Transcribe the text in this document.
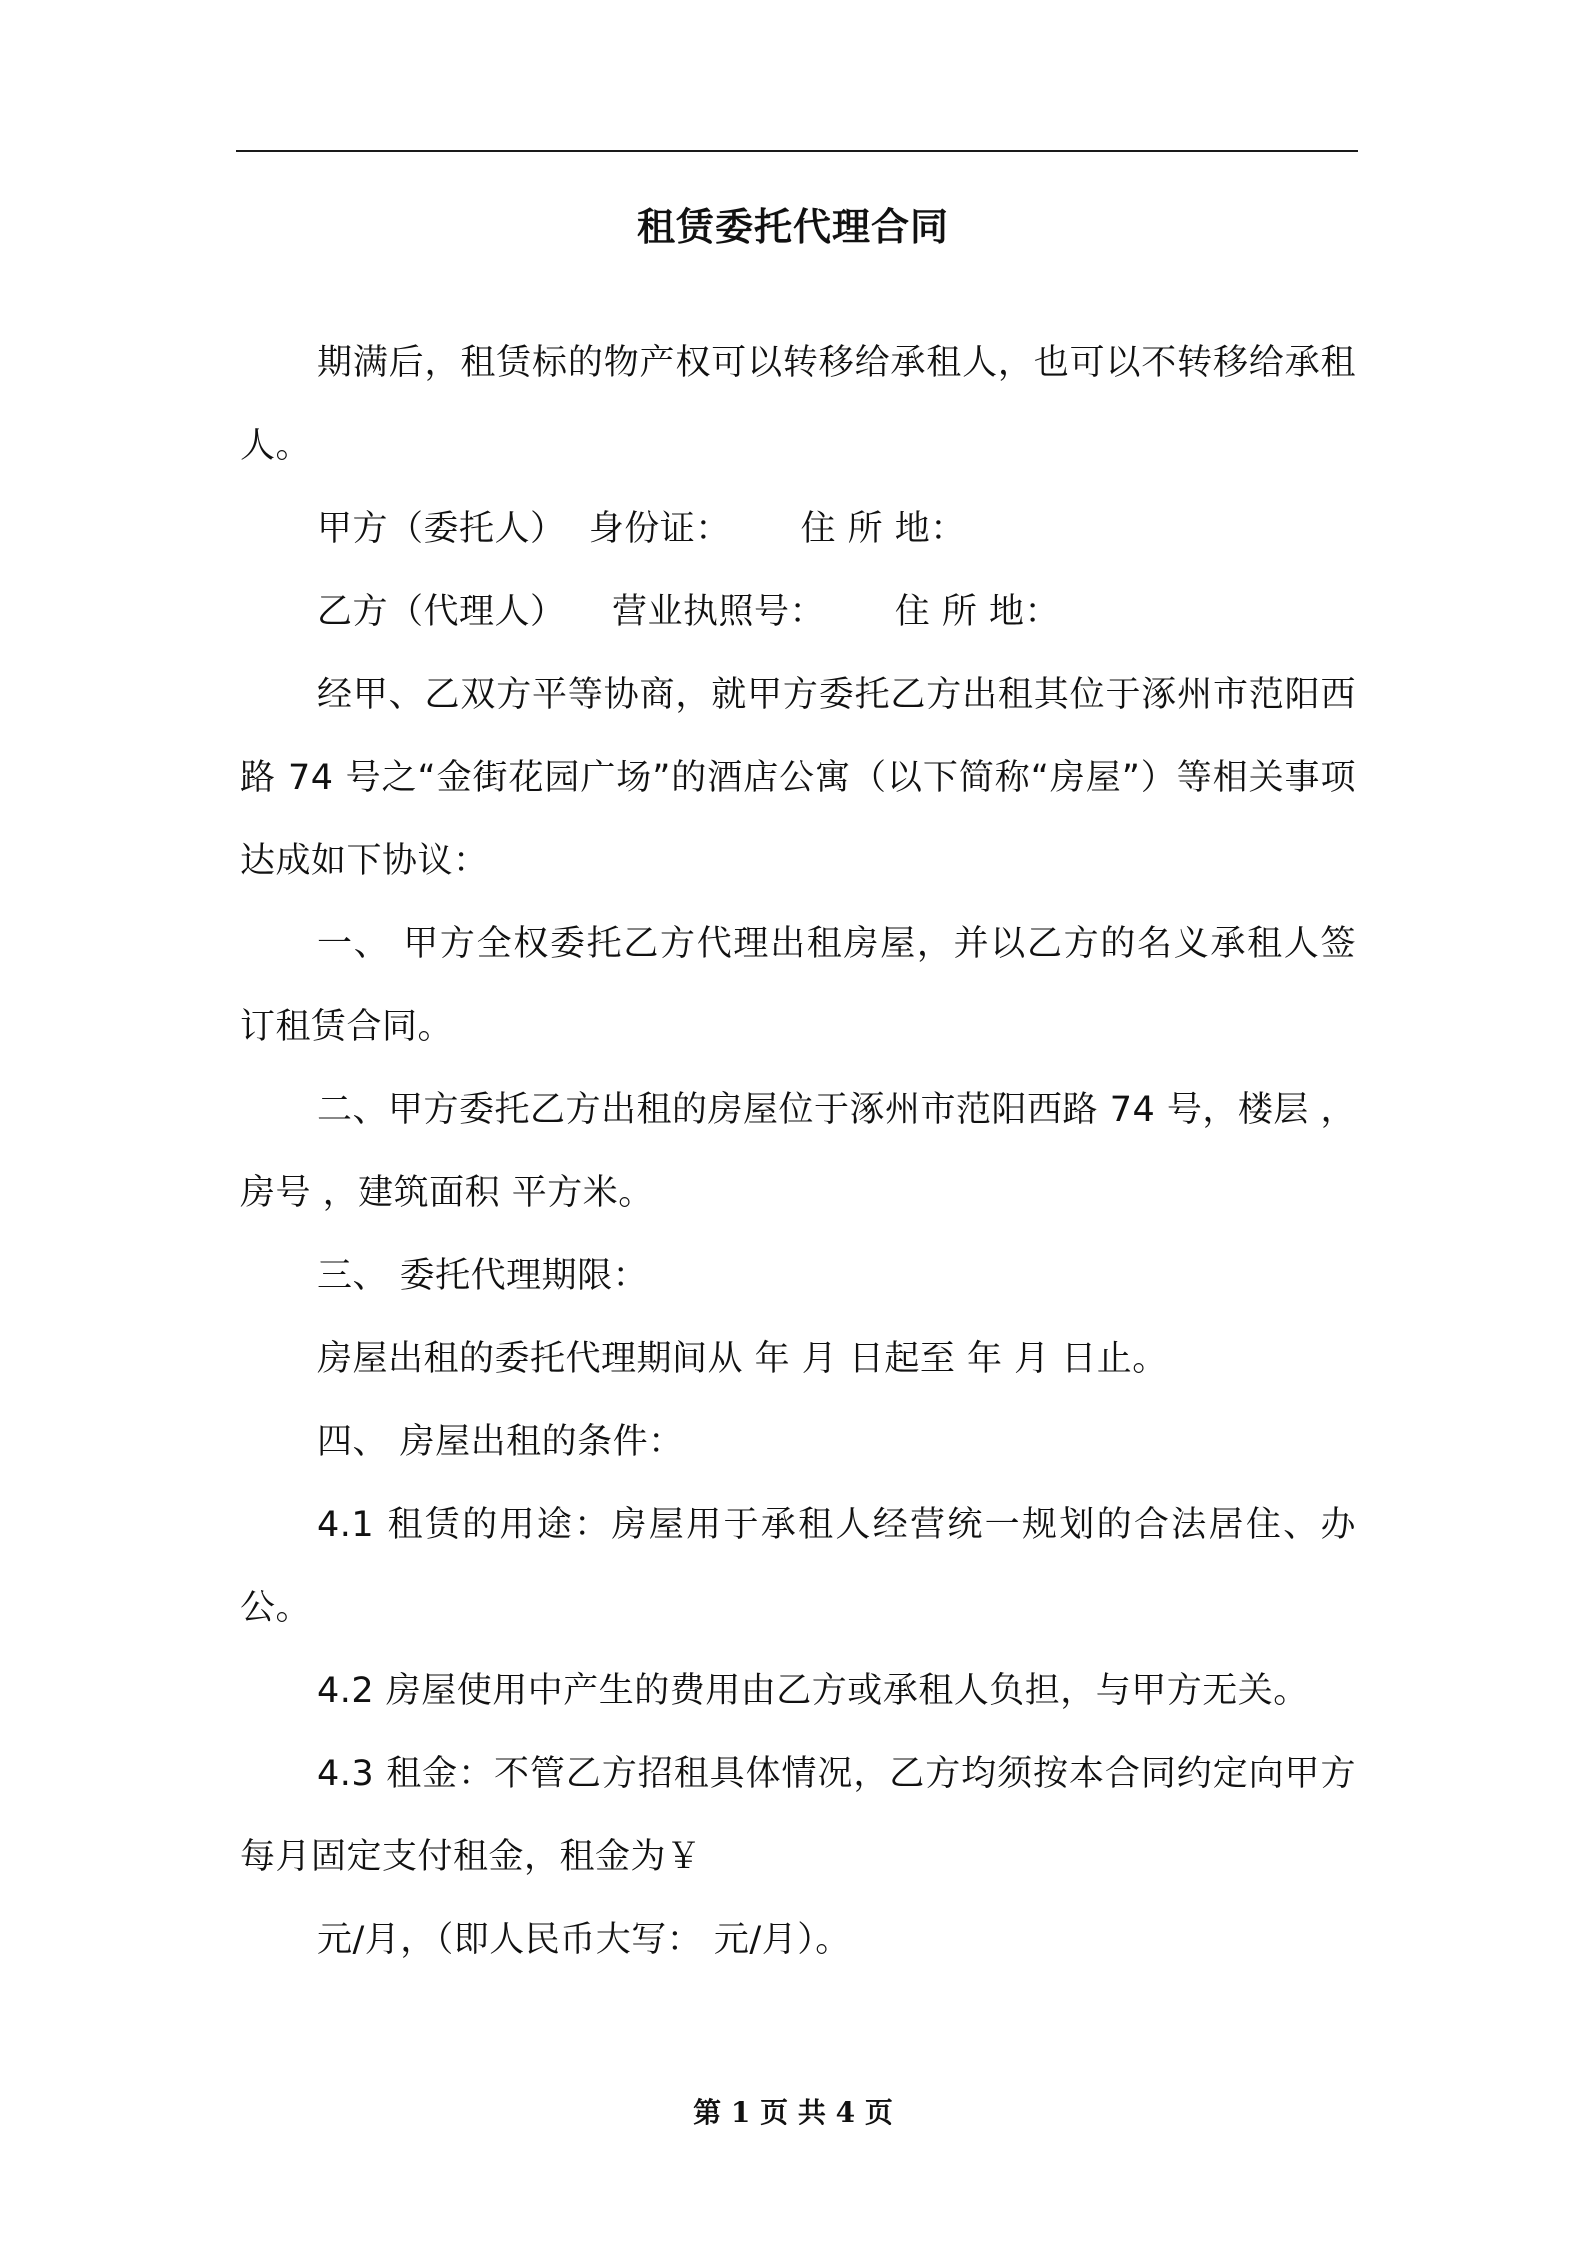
租赁委托代理合同

期满后，租赁标的物产权可以转移给承租人，也可以不转移给承租人。

甲方（委托人）  身份证：      住 所 地：

乙方（代理人）    营业执照号：      住 所 地：

经甲、乙双方平等协商，就甲方委托乙方出租其位于涿州市范阳西路 74 号之“金街花园广场”的酒店公寓（以下简称“房屋”）等相关事项达成如下协议：

一、 甲方全权委托乙方代理出租房屋，并以乙方的名义承租人签订租赁合同。

二、甲方委托乙方出租的房屋位于涿州市范阳西路 74 号，楼层 ，房号 ，建筑面积 平方米。

三、 委托代理期限：

房屋出租的委托代理期间从 年 月 日起至 年 月 日止。

四、 房屋出租的条件：

4.1 租赁的用途：房屋用于承租人经营统一规划的合法居住、办公。

4.2 房屋使用中产生的费用由乙方或承租人负担，与甲方无关。

4.3 租金：不管乙方招租具体情况，乙方均须按本合同约定向甲方每月固定支付租金，租金为￥

元/月，（即人民币大写： 元/月）。

第 1 页 共 4 页
